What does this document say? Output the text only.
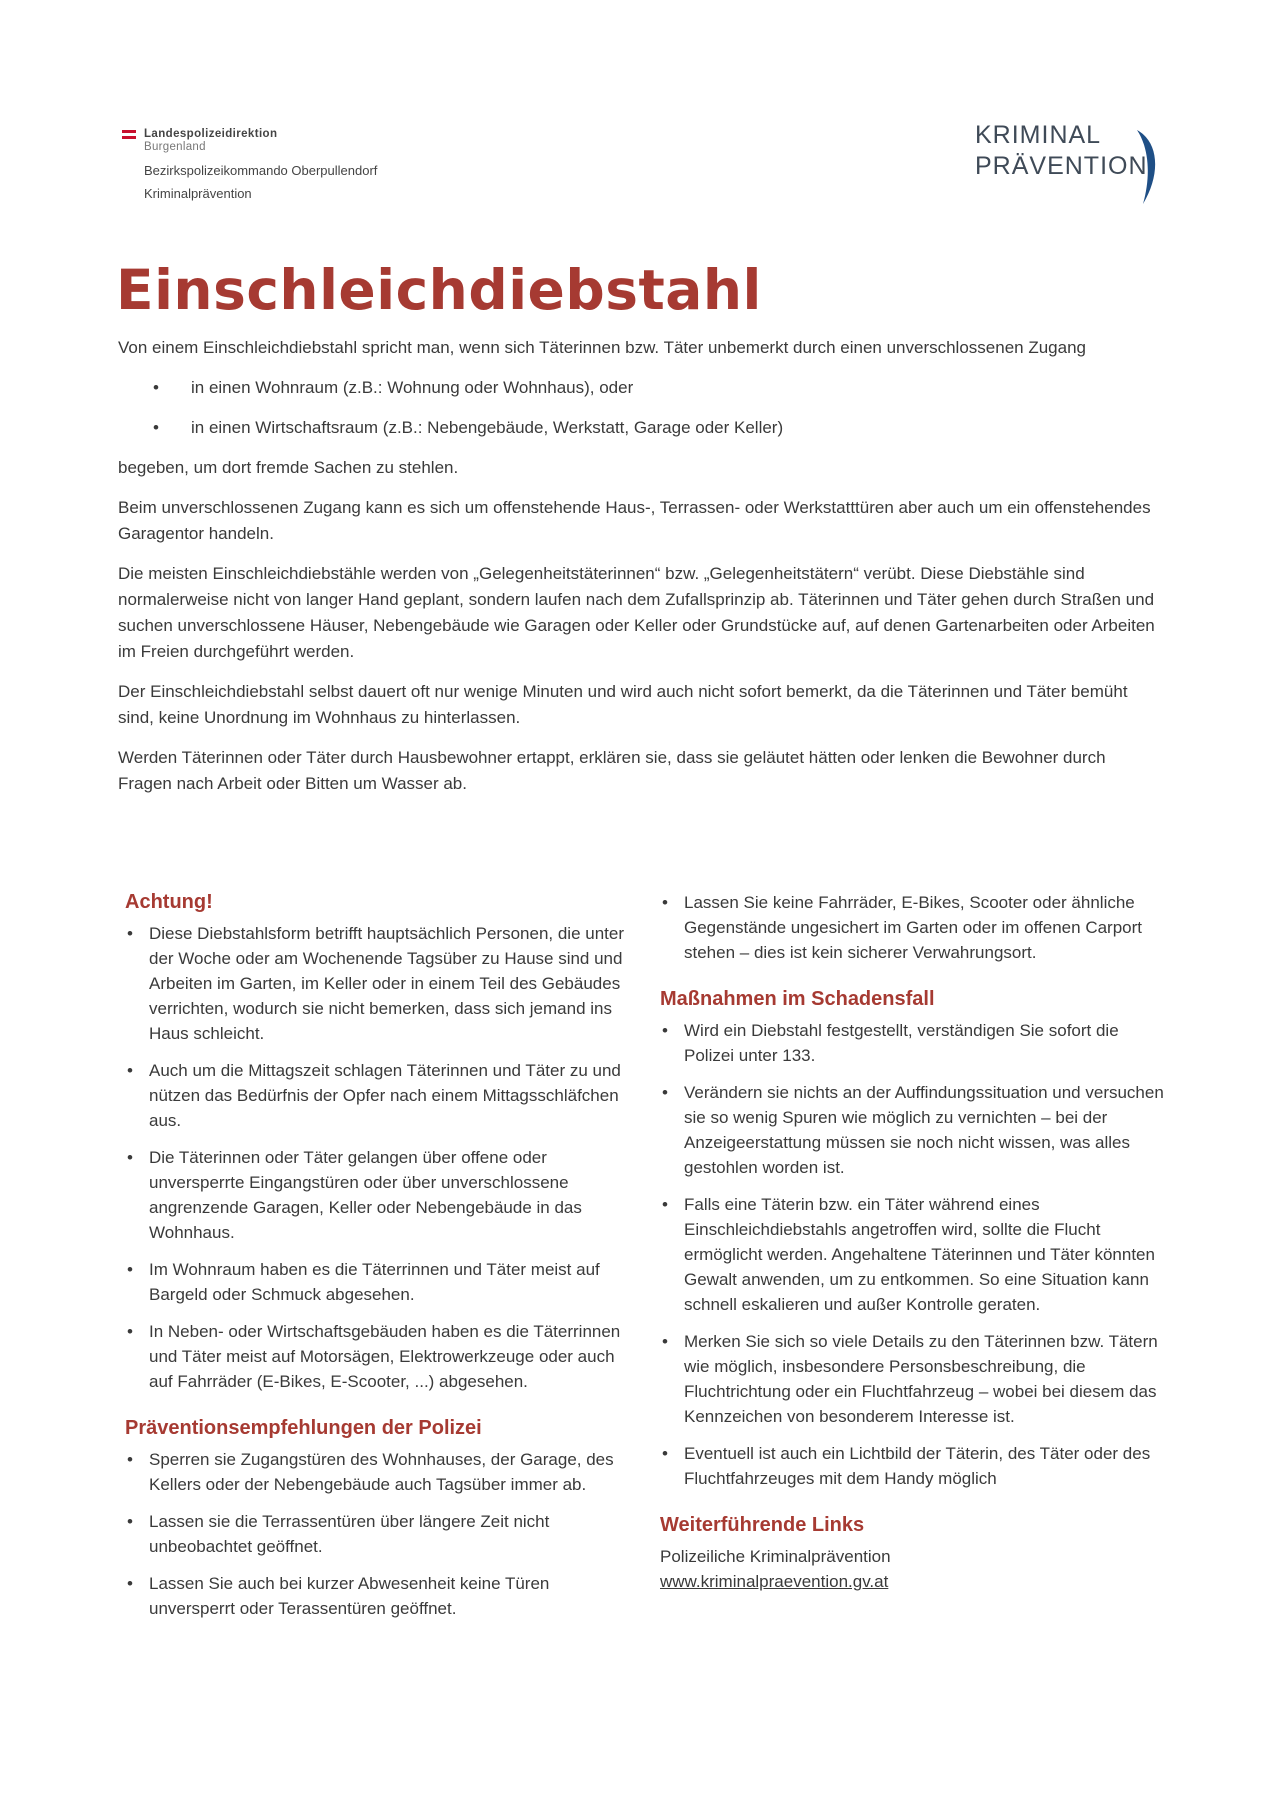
Landespolizeidirektion
Burgenland
Bezirkspolizeikommando Oberpullendorf
Kriminalprävention
KRIMINAL
PRÄVENTION
Einschleichdiebstahl

Von einem Einschleichdiebstahl spricht man, wenn sich Täterinnen bzw. Täter unbemerkt durch einen unverschlossenen Zugang

• in einen Wohnraum (z.B.: Wohnung oder Wohnhaus), oder
• in einen Wirtschaftsraum (z.B.: Nebengebäude, Werkstatt, Garage oder Keller)

begeben, um dort fremde Sachen zu stehlen.

Beim unverschlossenen Zugang kann es sich um offenstehende Haus-, Terrassen- oder Werkstatttüren aber auch um ein offenstehendes Garagentor handeln.

Die meisten Einschleichdiebstähle werden von „Gelegenheitstäterinnen“ bzw. „Gelegenheitstätern“ verübt. Diese Diebstähle sind normalerweise nicht von langer Hand geplant, sondern laufen nach dem Zufallsprinzip ab. Täterinnen und Täter gehen durch Straßen und suchen unverschlossene Häuser, Nebengebäude wie Garagen oder Keller oder Grundstücke auf, auf denen Gartenarbeiten oder Arbeiten im Freien durchgeführt werden.

Der Einschleichdiebstahl selbst dauert oft nur wenige Minuten und wird auch nicht sofort bemerkt, da die Täterinnen und Täter bemüht sind, keine Unordnung im Wohnhaus zu hinterlassen.

Werden Täterinnen oder Täter durch Hausbewohner ertappt, erklären sie, dass sie geläutet hätten oder lenken die Bewohner durch Fragen nach Arbeit oder Bitten um Wasser ab.

Achtung!
• Diese Diebstahlsform betrifft hauptsächlich Personen, die unter der Woche oder am Wochenende Tagsüber zu Hause sind und Arbeiten im Garten, im Keller oder in einem Teil des Gebäudes verrichten, wodurch sie nicht bemerken, dass sich jemand ins Haus schleicht.
• Auch um die Mittagszeit schlagen Täterinnen und Täter zu und nützen das Bedürfnis der Opfer nach einem Mittagsschläfchen aus.
• Die Täterinnen oder Täter gelangen über offene oder unversperrte Eingangstüren oder über unverschlossene angrenzende Garagen, Keller oder Nebengebäude in das Wohnhaus.
• Im Wohnraum haben es die Täterrinnen und Täter meist auf Bargeld oder Schmuck abgesehen.
• In Neben- oder Wirtschaftsgebäuden haben es die Täterrinnen und Täter meist auf Motorsägen, Elektrowerkzeuge oder auch auf Fahrräder (E-Bikes, E-Scooter, ...) abgesehen.
Präventionsempfehlungen der Polizei
• Sperren sie Zugangstüren des Wohnhauses, der Garage, des Kellers oder der Nebengebäude auch Tagsüber immer ab.
• Lassen sie die Terrassentüren über längere Zeit nicht unbeobachtet geöffnet.
• Lassen Sie auch bei kurzer Abwesenheit keine Türen unversperrt oder Terassentüren geöffnet.
• Lassen Sie keine Fahrräder, E-Bikes, Scooter oder ähnliche Gegenstände ungesichert im Garten oder im offenen Carport stehen – dies ist kein sicherer Verwahrungsort.
Maßnahmen im Schadensfall
• Wird ein Diebstahl festgestellt, verständigen Sie sofort die Polizei unter 133.
• Verändern sie nichts an der Auffindungssituation und versuchen sie so wenig Spuren wie möglich zu vernichten – bei der Anzeigeerstattung müssen sie noch nicht wissen, was alles gestohlen worden ist.
• Falls eine Täterin bzw. ein Täter während eines Einschleichdiebstahls angetroffen wird, sollte die Flucht ermöglicht werden. Angehaltene Täterinnen und Täter könnten Gewalt anwenden, um zu entkommen. So eine Situation kann schnell eskalieren und außer Kontrolle geraten.
• Merken Sie sich so viele Details zu den Täterinnen bzw. Tätern wie möglich, insbesondere Personsbeschreibung, die Fluchtrichtung oder ein Fluchtfahrzeug – wobei bei diesem das Kennzeichen von besonderem Interesse ist.
• Eventuell ist auch ein Lichtbild der Täterin, des Täter oder des Fluchtfahrzeuges mit dem Handy möglich
Weiterführende Links

Polizeiliche Kriminalprävention

www.kriminalpraevention.gv.at
